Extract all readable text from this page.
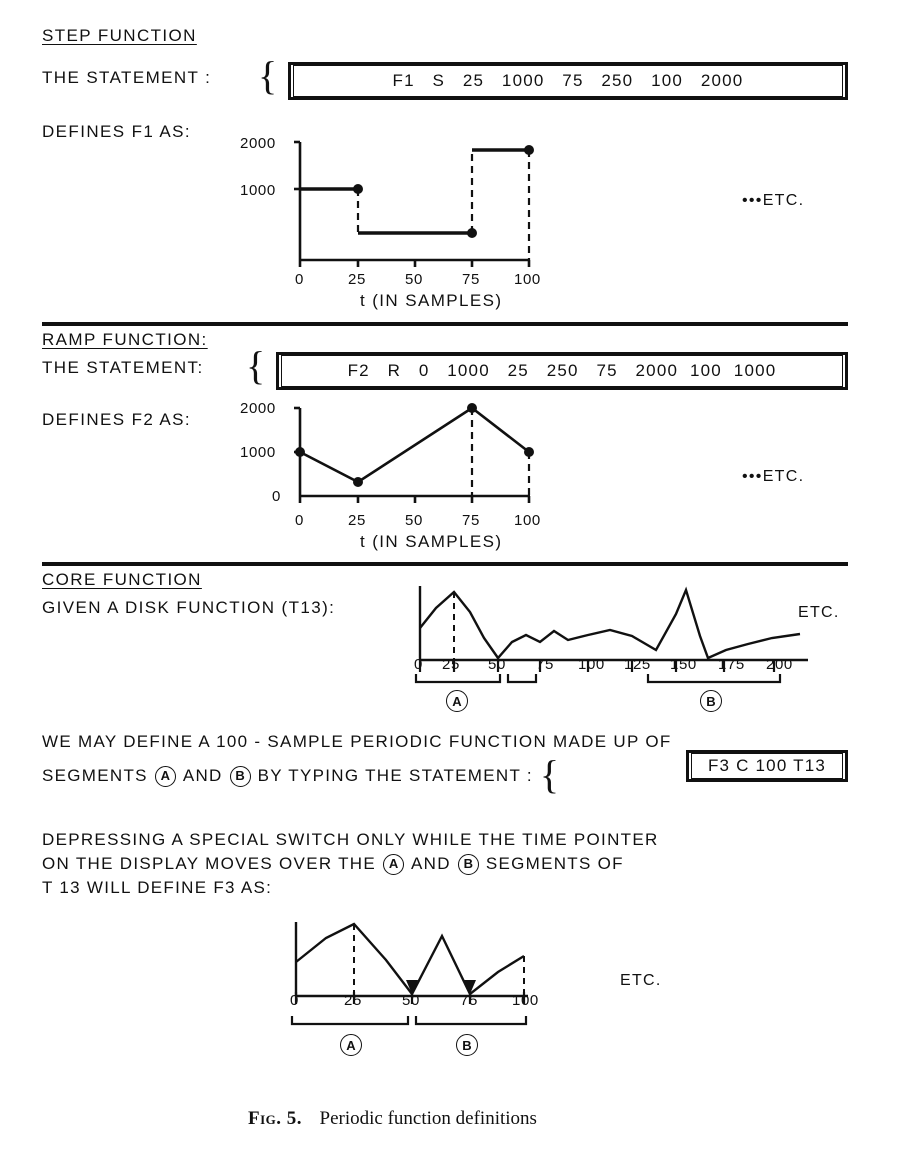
STEP FUNCTION
THE STATEMENT : {	F1   S   25   1000   75   250   100   2000
DEFINES F1 AS:
2000
1000
0	25	50	75 100
•••ETC.
t (IN SAMPLES)
RAMP FUNCTION:
THE STATEMENT: {	F2   R   0   1000   25   250   75   2000  100  1000
DEFINES F2 AS:
2000
1000
0
0	25	50	75 100
•••ETC.
t (IN SAMPLES)
CORE FUNCTION
GIVEN A DISK FUNCTION (T13):
0 25 50 75 100 125 150 175 200
A	B
ETC.
WE MAY DEFINE A 100 - SAMPLE PERIODIC FUNCTION MADE UP OF
SEGMENTS A AND B BY TYPING THE STATEMENT : {	F3 C 100 T13
DEPRESSING A SPECIAL SWITCH ONLY WHILE THE TIME POINTER
ON THE DISPLAY MOVES OVER THE A AND B SEGMENTS OF
T 13 WILL DEFINE F3 AS:
0	25	50	75 100
ETC.
A	B
Fig. 5. Periodic function definitions
